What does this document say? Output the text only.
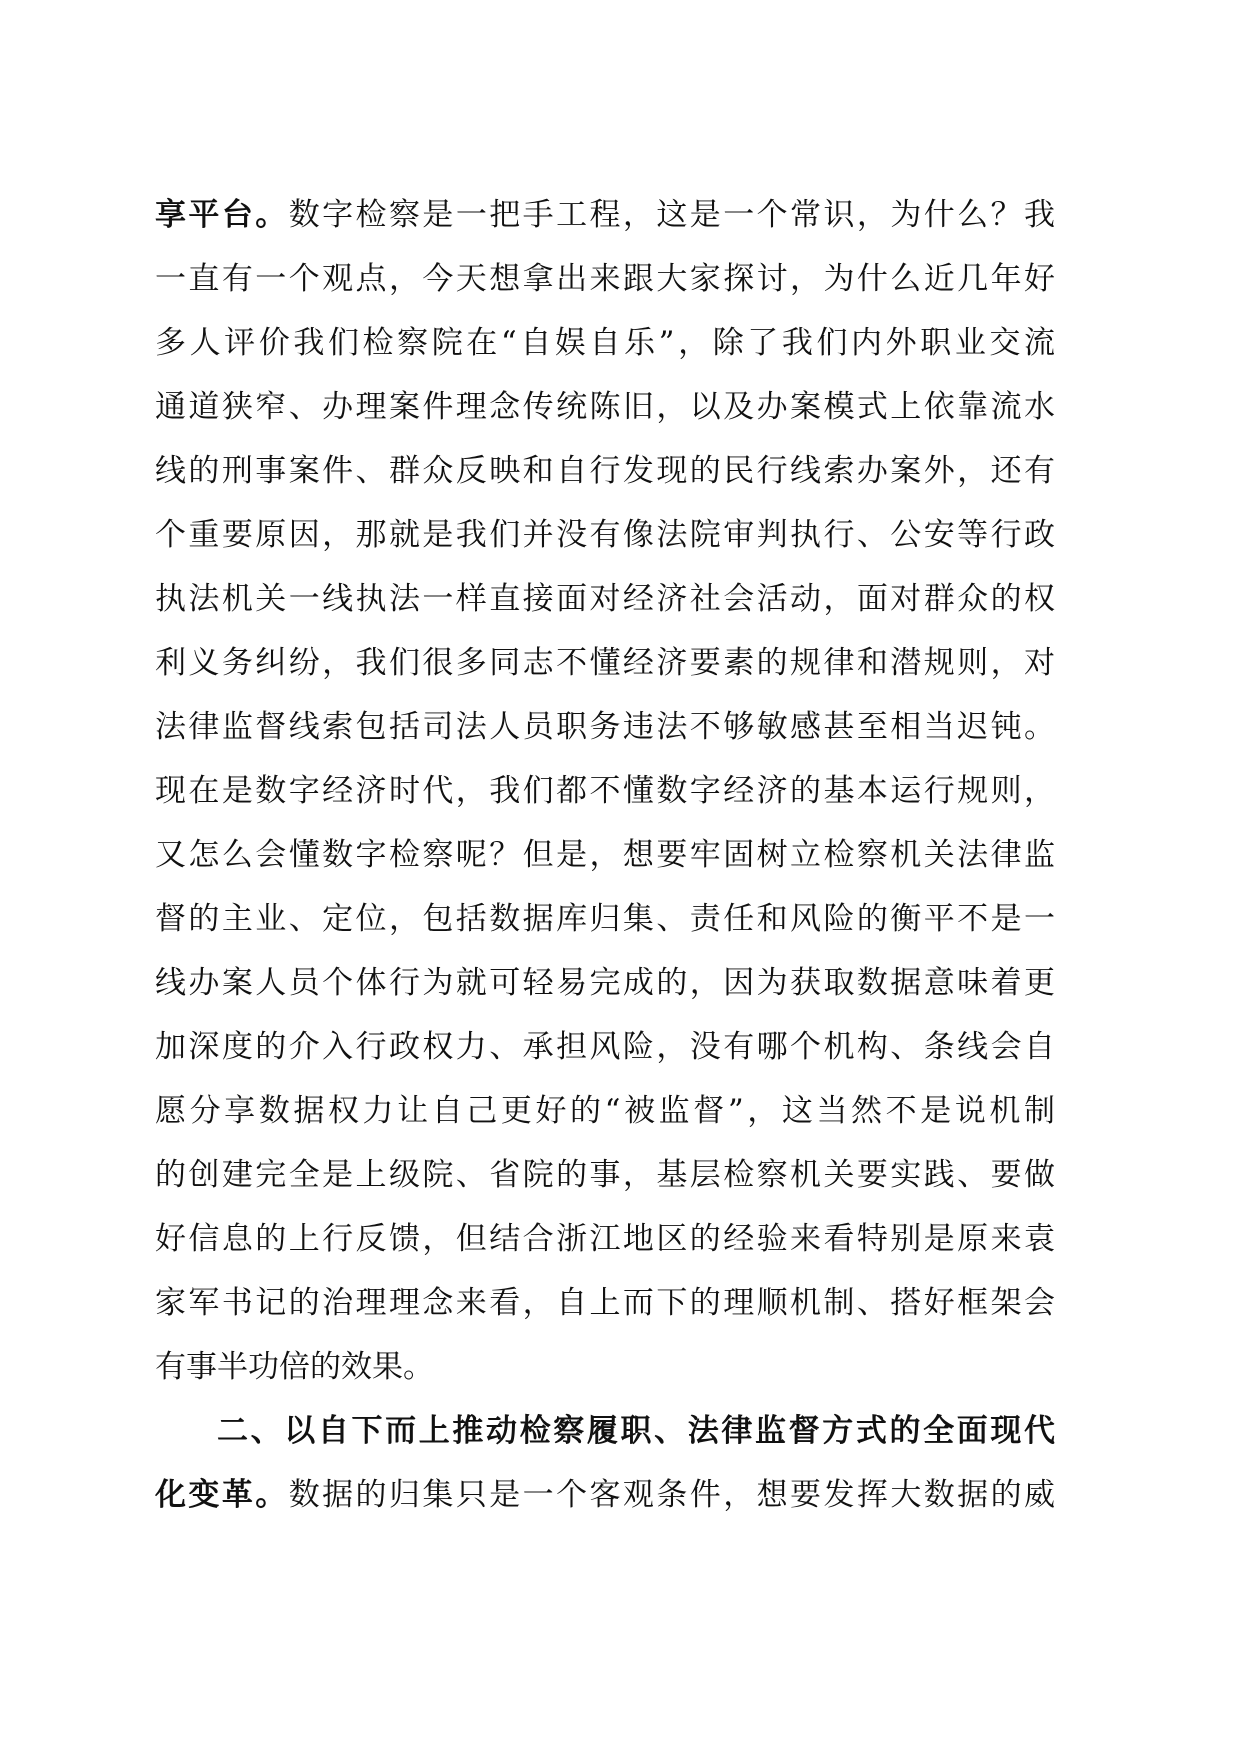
享平台。数字检察是一把手工程，这是一个常识，为什么？我
一直有一个观点，今天想拿出来跟大家探讨，为什么近几年好
多人评价我们检察院在“自娱自乐”，除了我们内外职业交流
通道狭窄、办理案件理念传统陈旧，以及办案模式上依靠流水
线的刑事案件、群众反映和自行发现的民行线索办案外，还有
个重要原因，那就是我们并没有像法院审判执行、公安等行政
执法机关一线执法一样直接面对经济社会活动，面对群众的权
利义务纠纷，我们很多同志不懂经济要素的规律和潜规则，对
法律监督线索包括司法人员职务违法不够敏感甚至相当迟钝。
现在是数字经济时代，我们都不懂数字经济的基本运行规则，
又怎么会懂数字检察呢？但是，想要牢固树立检察机关法律监
督的主业、定位，包括数据库归集、责任和风险的衡平不是一
线办案人员个体行为就可轻易完成的，因为获取数据意味着更
加深度的介入行政权力、承担风险，没有哪个机构、条线会自
愿分享数据权力让自己更好的“被监督”，这当然不是说机制
的创建完全是上级院、省院的事，基层检察机关要实践、要做
好信息的上行反馈，但结合浙江地区的经验来看特别是原来袁
家军书记的治理理念来看，自上而下的理顺机制、搭好框架会
有事半功倍的效果。
二、以自下而上推动检察履职、法律监督方式的全面现代
化变革。数据的归集只是一个客观条件，想要发挥大数据的威
